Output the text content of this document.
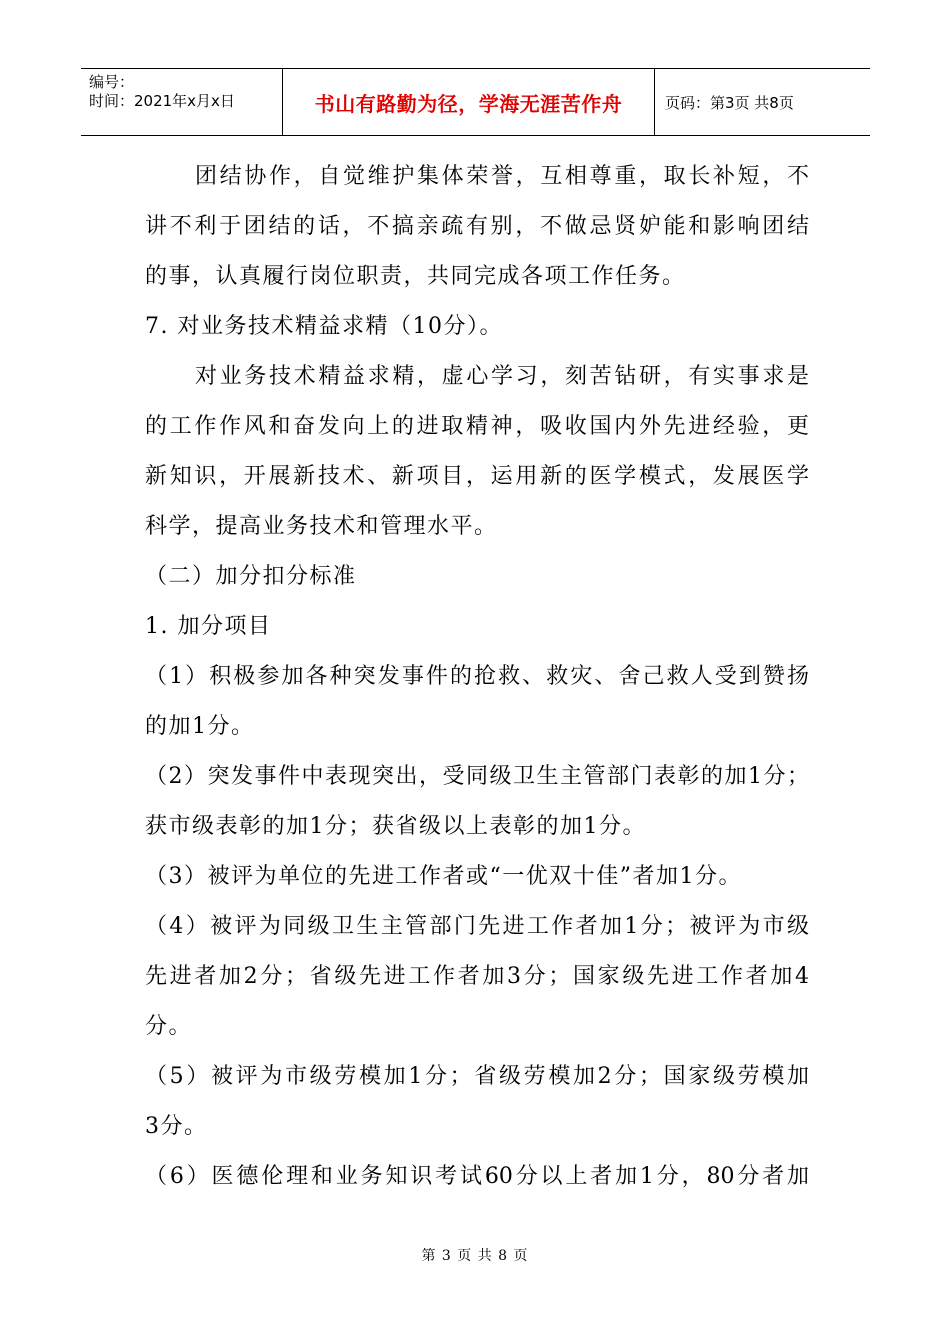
编号：
时间：2021年x月x日	书山有路勤为径，学海无涯苦作舟	页码：第3页 共8页
团结协作，自觉维护集体荣誉，互相尊重，取长补短，不
讲不利于团结的话，不搞亲疏有别，不做忌贤妒能和影响团结
的事，认真履行岗位职责，共同完成各项工作任务。
7. 对业务技术精益求精（10分）。
对业务技术精益求精，虚心学习，刻苦钻研，有实事求是
的工作作风和奋发向上的进取精神，吸收国内外先进经验，更
新知识，开展新技术、新项目，运用新的医学模式，发展医学
科学，提高业务技术和管理水平。
（二）加分扣分标准
1. 加分项目
（1）积极参加各种突发事件的抢救、救灾、舍己救人受到赞扬
的加1分。
（2）突发事件中表现突出，受同级卫生主管部门表彰的加1分；
获市级表彰的加1分；获省级以上表彰的加1分。
（3）被评为单位的先进工作者或“一优双十佳”者加1分。
（4）被评为同级卫生主管部门先进工作者加1分；被评为市级
先进者加2分；省级先进工作者加3分；国家级先进工作者加4
分。
（5）被评为市级劳模加1分；省级劳模加2分；国家级劳模加
3分。
（6）医德伦理和业务知识考试60分以上者加1分，80分者加
第 3 页 共 8 页
